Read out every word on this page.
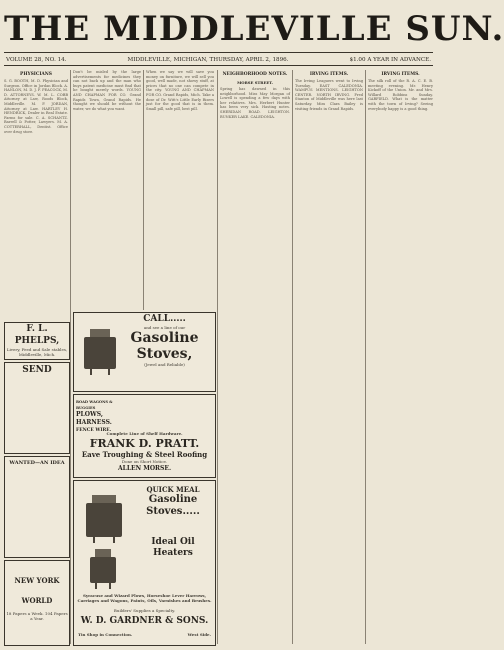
THE MIDDLEVILLE SUN.
VOLUME 28, NO. 14.	MIDDLEVILLE, MICHIGAN, THURSDAY, APRIL 2, 1896.	$1.00 A YEAR IN ADVANCE.
PHYSICIANS
S. G. BOOTH, M. D. Physician and Surgeon. Office in Jordan Block. A. HANLON, M. D. J. F. PEACOCK, M. D. ATTORNEYS. W. M. L. COBB Attorney at Law, Roods Block, Middleville. M. F. JORDAN, Attorney at Law. HARTLEY H. HENDRICK, Dealer in Real Estate. Farms for sale. C. A. SCHANTZ. Barrell & Potter, Lawyers. M. A. COTTERHALL, Dentist. Office over drug store.
F. L. PHELPS,
Livery, Feed and Sale stables,
Middleville, Mich.
SEND
WANTED—AN IDEA
NEW YORK WORLD
18 Papers a Week. 104 Papers a Year.
Don't be misled by the large advertisements for medicines they can not back up and the man who buys patent medicine must find that he bought merely words. YOUNG AND CHAPMAN FOR CO. Grand Rapids Town, Grand Rapids. He thought we should be without the water, we do what you want.
When we say we will save you money on furniture, we will sell you good, well made, not showy stuff, at prices that no one can compete in the city. YOUNG AND CHAPMAN FOR CO. Grand Rapids, Mich. Take a dose of Dr. Witt's Little Early Risers just for the good that is in them. Small pill, safe pill, best pill.
CALL.....
and see a line of our
Gasoline
Stoves,
(Jewel and Reliable)
ROAD WAGONS & BUGGIES
PLOWS,
HARNESS.
FENCE WIRE.
Complete Line of Shelf Hardware.
FRANK D. PRATT.
Eave Troughing & Steel Roofing
Done on Short Notice.
ALLEN MORSE.
QUICK MEAL
Gasoline
Stoves.....
Ideal Oil Heaters
Syracuse and Wizard Plows, Horseshoe Lever Harrows, Carriages and Wagons, Paints, Oils, Varnishes and Brushes.
Builders' Supplies a Specialty.
W. D. GARDNER & SONS.
Tin Shop in Connection.	West Side.
NEIGHBORHOOD NOTES.
MORSE STREET.
Spring has dawned in this neighborhood. Miss May Morgan of Lowell is spending a few days with her relatives. Mrs. Herbert Hunter has been very sick. Hasting notes. SHERIDAN ROAD. LEIGHTON. BUNKER LAKE. CALEDONIA.
IRVING ITEMS.
The Irving Leaguers went to Irving Tuesday. EAST CALEDONIA. WAMPUS MENTIONS. LEIGHTON CENTER. NORTH IRVING. Fred Stanton of Middleville was here last Saturday. Miss Clara Bailey is visiting friends in Grand Rapids.
IRVING ITEMS.
The silk roll of the R. A. C. E. B. meeting evening. Mr. Henry Kickoff of the Union. Mr. and Mrs. Willard Robbins Sunday. GARFIELD. What is the matter with the town of Irving? Seeing everybody happy is a good thing.
